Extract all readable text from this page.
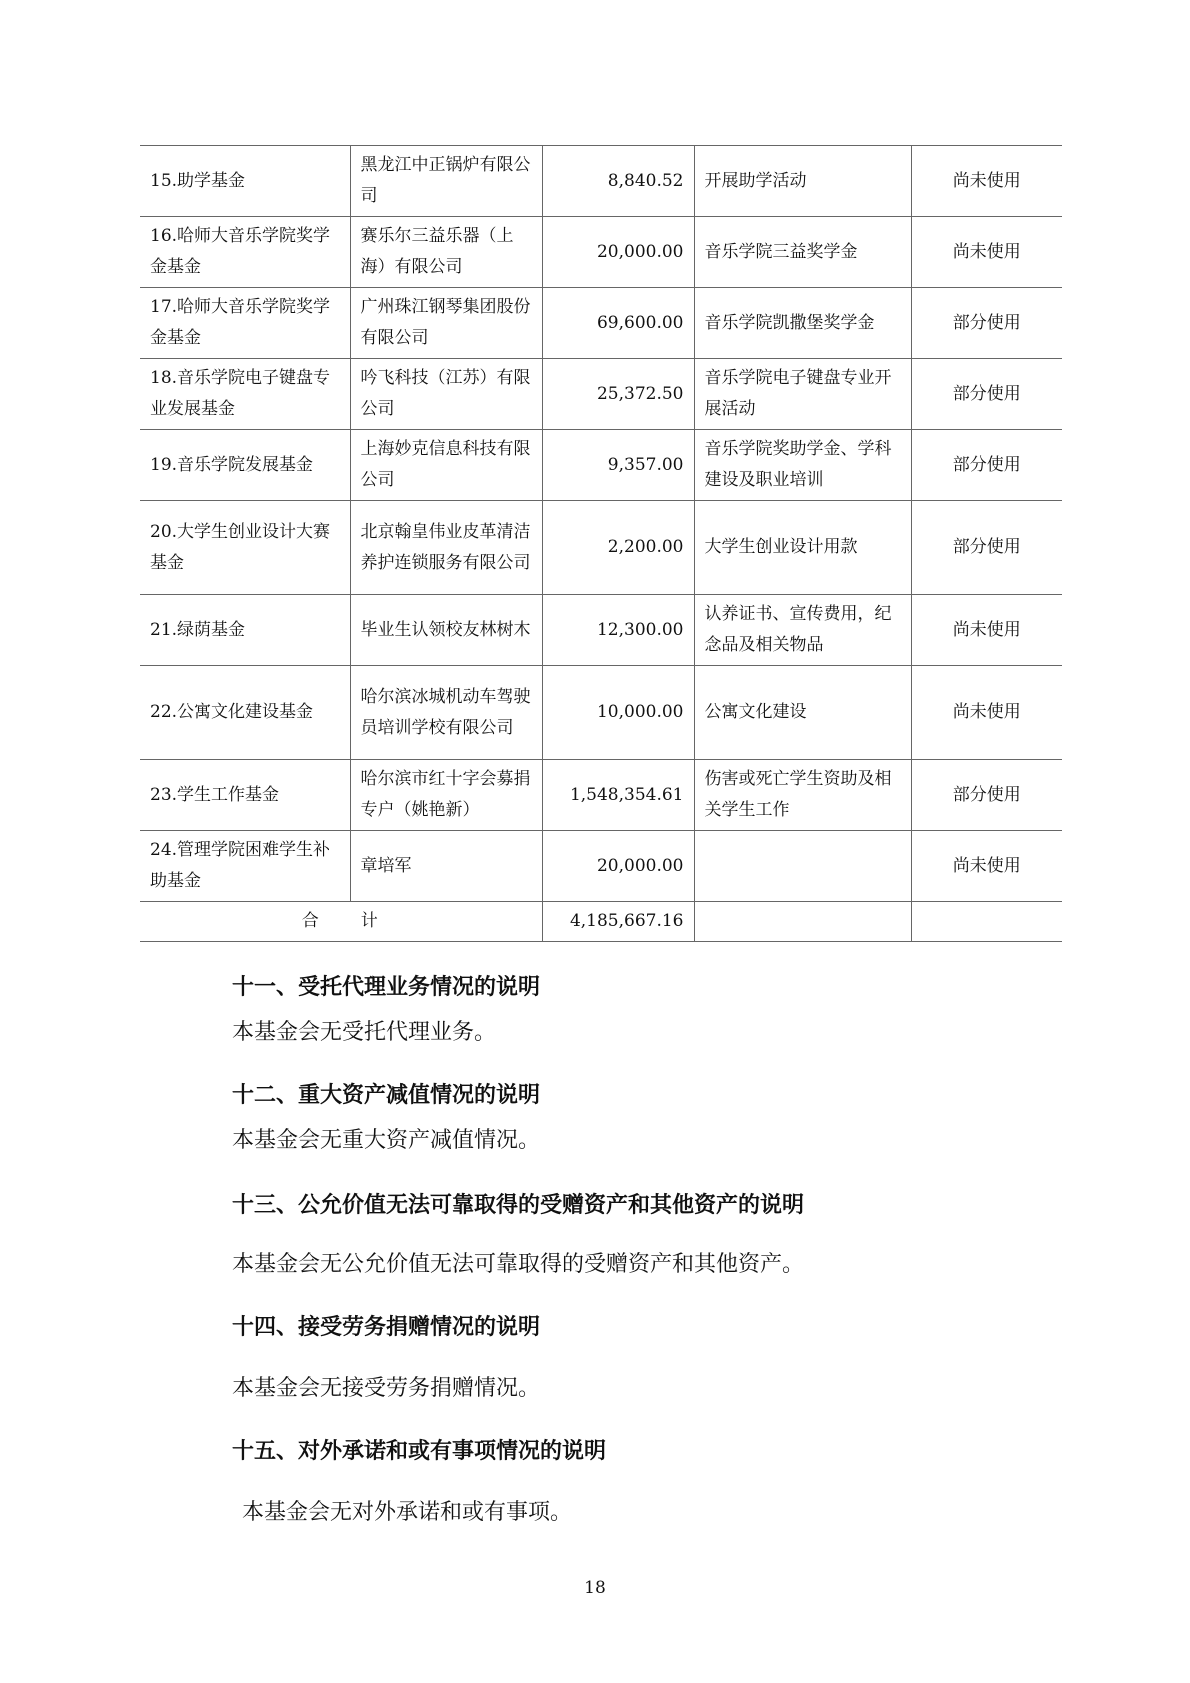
15.助学基金	黑龙江中正锅炉有限公司	8,840.52	开展助学活动	尚未使用
16.哈师大音乐学院奖学金基金	赛乐尔三益乐器（上海）有限公司	20,000.00	音乐学院三益奖学金	尚未使用
17.哈师大音乐学院奖学金基金	广州珠江钢琴集团股份有限公司	69,600.00	音乐学院凯撒堡奖学金	部分使用
18.音乐学院电子键盘专业发展基金	吟飞科技（江苏）有限公司	25,372.50	音乐学院电子键盘专业开展活动	部分使用
19.音乐学院发展基金	上海妙克信息科技有限公司	9,357.00	音乐学院奖助学金、学科建设及职业培训	部分使用
20.大学生创业设计大赛基金	北京翰皇伟业皮革清洁养护连锁服务有限公司	2,200.00	大学生创业设计用款	部分使用
21.绿荫基金	毕业生认领校友林树木	12,300.00	认养证书、宣传费用，纪念品及相关物品	尚未使用
22.公寓文化建设基金	哈尔滨冰城机动车驾驶员培训学校有限公司	10,000.00	公寓文化建设	尚未使用
23.学生工作基金	哈尔滨市红十字会募捐专户（姚艳新）	1,548,354.61	伤害或死亡学生资助及相关学生工作	部分使用
24.管理学院困难学生补助基金	章培军	20,000.00		尚未使用
合 计		4,185,667.16		
十一、受托代理业务情况的说明

本基金会无受托代理业务。

十二、重大资产减值情况的说明

本基金会无重大资产减值情况。

十三、公允价值无法可靠取得的受赠资产和其他资产的说明

本基金会无公允价值无法可靠取得的受赠资产和其他资产。

十四、接受劳务捐赠情况的说明

本基金会无接受劳务捐赠情况。

十五、对外承诺和或有事项情况的说明

本基金会无对外承诺和或有事项。

18
